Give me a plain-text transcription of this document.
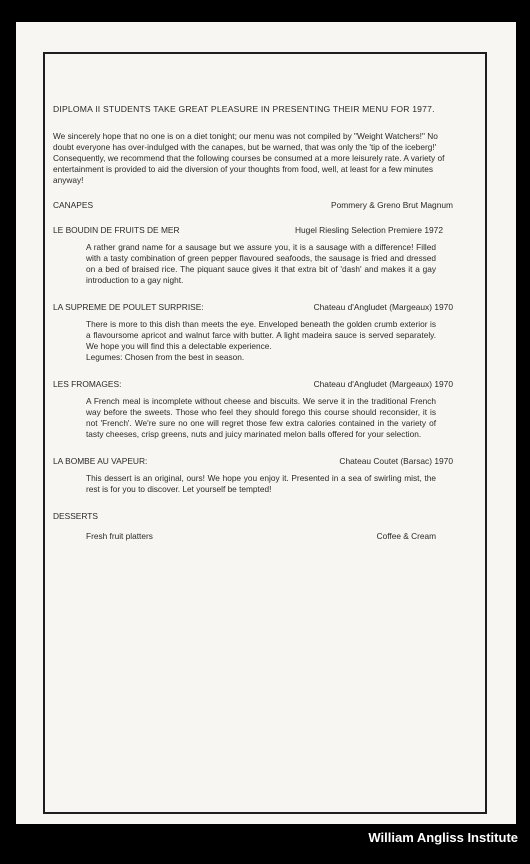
DIPLOMA II STUDENTS TAKE GREAT PLEASURE IN PRESENTING THEIR MENU FOR 1977.

We sincerely hope that no one is on a diet tonight; our menu was not compiled by "Weight Watchers!" No doubt everyone has over-indulged with the canapes, but be warned, that was only the 'tip of the iceberg!' Consequently, we recommend that the following courses be consumed at a more leisurely rate. A variety of entertainment is provided to aid the diversion of your thoughts from food, well, at least for a few minutes anyway!

CANAPES	Pommery & Greno Brut Magnum
LE BOUDIN DE FRUITS DE MER	Hugel Riesling Selection Premiere 1972

A rather grand name for a sausage but we assure you, it is a sausage with a difference! Filled with a tasty combination of green pepper flavoured seafoods, the sausage is fried and dressed on a bed of braised rice. The piquant sauce gives it that extra bit of 'dash' and makes it a gay introduction to a gay night.

LA SUPREME DE POULET SURPRISE:	Chateau d'Angludet (Margeaux) 1970

There is more to this dish than meets the eye. Enveloped beneath the golden crumb exterior is a flavoursome apricot and walnut farce with butter. A light madeira sauce is served separately. We hope you will find this a delectable experience.

Legumes: Chosen from the best in season.

LES FROMAGES:	Chateau d'Angludet (Margeaux) 1970

A French meal is incomplete without cheese and biscuits. We serve it in the traditional French way before the sweets. Those who feel they should forego this course should reconsider, it is not 'French'. We're sure no one will regret those few extra calories contained in the variety of tasty cheeses, crisp greens, nuts and juicy marinated melon balls offered for your selection.

LA BOMBE AU VAPEUR:	Chateau Coutet (Barsac) 1970

This dessert is an original, ours! We hope you enjoy it. Presented in a sea of swirling mist, the rest is for you to discover. Let yourself be tempted!

DESSERTS
Fresh fruit platters	Coffee & Cream
William Angliss Institute
